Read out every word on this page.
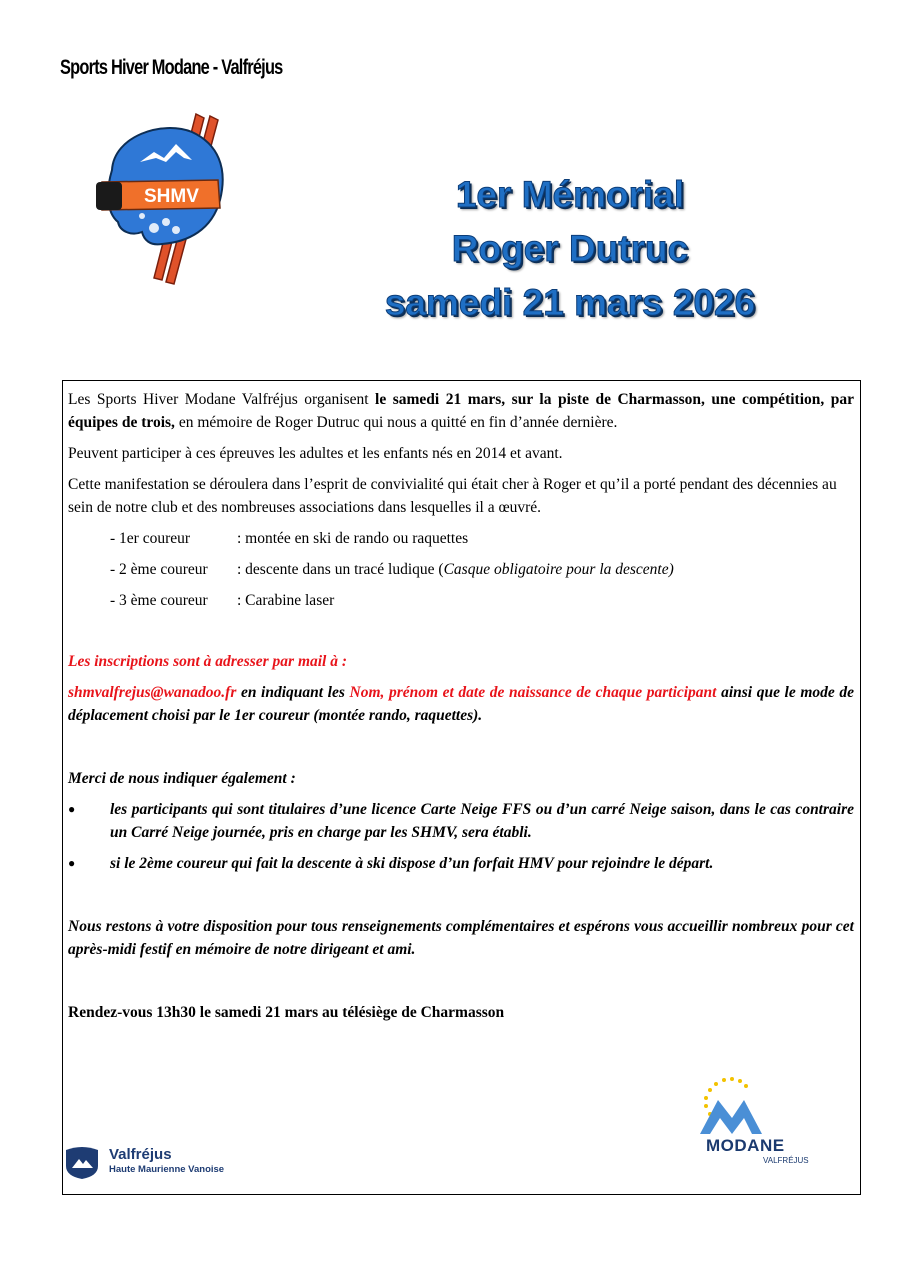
Sports Hiver Modane - Valfréjus
SHMV	1er Mémorial
Roger Dutruc
samedi 21 mars 2026

Les Sports Hiver Modane Valfréjus organisent le samedi 21 mars, sur la piste de Charmasson, une compétition, par équipes de trois, en mémoire de Roger Dutruc qui nous a quitté en fin d’année dernière.

Peuvent participer à ces épreuves les adultes et les enfants nés en 2014 et avant.

Cette manifestation se déroulera dans l’esprit de convivialité qui était cher à Roger et qu’il a porté pendant des décennies au sein de notre club et des nombreuses associations dans lesquelles il a œuvré.

- 1er coureur	: montée en ski de rando ou raquettes
- 2 ème coureur	: descente dans un tracé ludique ( Casque obligatoire pour la descente)
- 3 ème coureur	: Carabine laser

Les inscriptions sont à adresser par mail à :

shmvalfrejus@wanadoo.fr en indiquant les Nom, prénom et date de naissance de chaque participant ainsi que le mode de déplacement choisi par le 1er coureur (montée rando, raquettes).

Merci de nous indiquer également :

●	les participants qui sont titulaires d’une licence Carte Neige FFS ou d’un carré Neige saison, dans le cas contraire un Carré Neige journée, pris en charge par les SHMV, sera établi.
●	si le 2ème coureur qui fait la descente à ski dispose d’un forfait HMV pour rejoindre le départ.

Nous restons à votre disposition pour tous renseignements complémentaires et espérons vous accueillir nombreux pour cet après-midi festif en mémoire de notre dirigeant et ami.

Rendez-vous 13h30 le samedi 21 mars au télésiège de Charmasson

Valfréjus
Haute Maurienne Vanoise
MODANE
VALFRÉJUS
